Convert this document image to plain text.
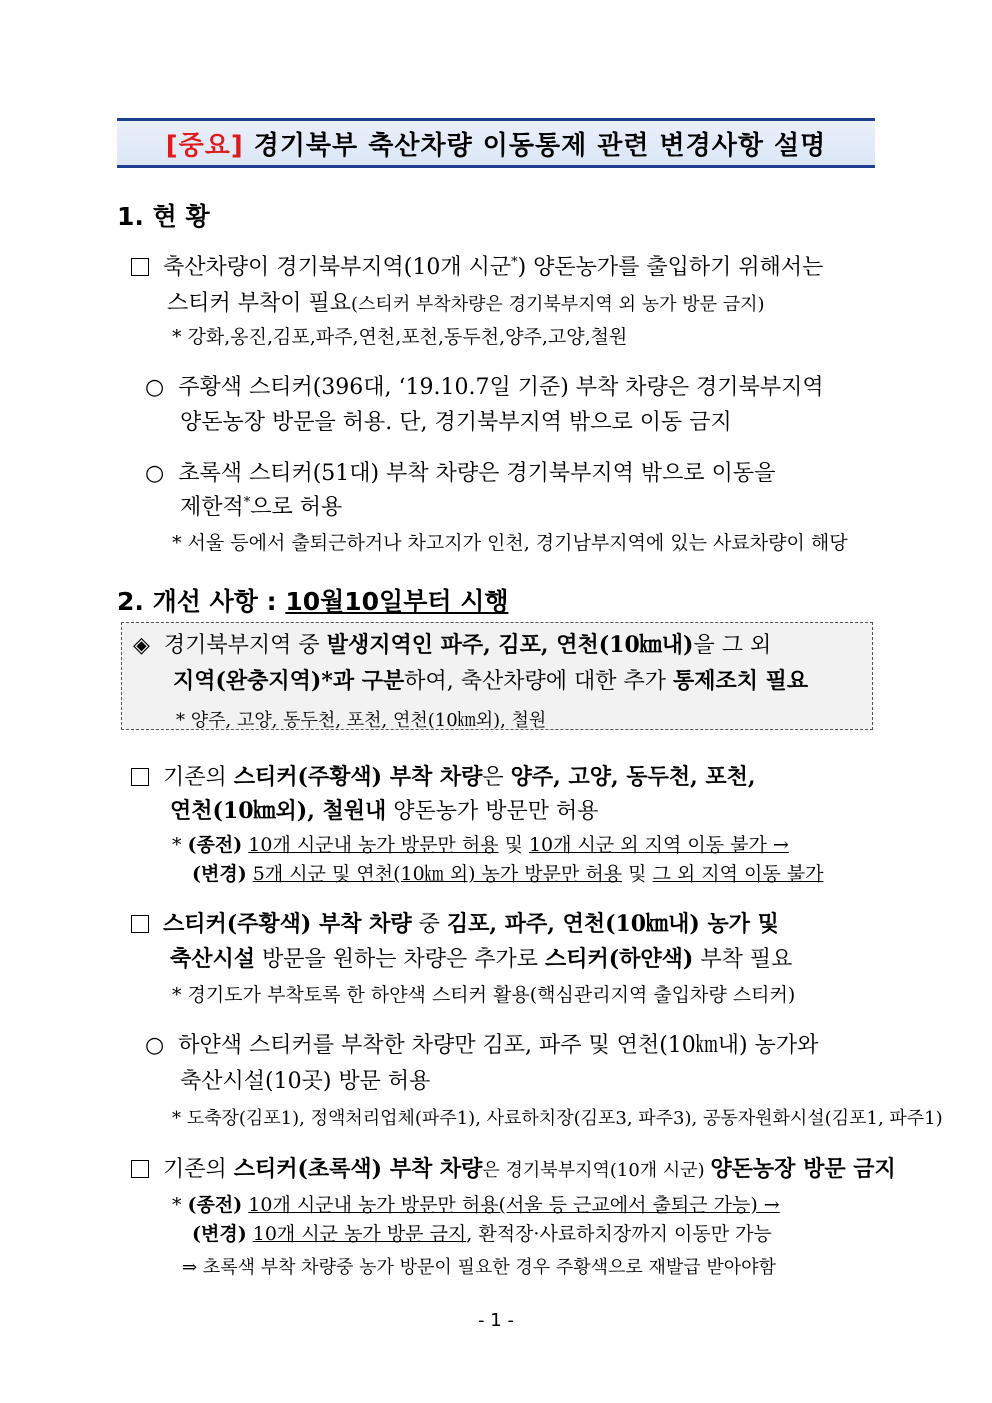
[중요] 경기북부 축산차량 이동통제 관련 변경사항 설명
1. 현 황
축산차량이 경기북부지역(10개 시군*) 양돈농가를 출입하기 위해서는
스티커 부착이 필요(스티커 부착차량은 경기북부지역 외 농가 방문 금지)
* 강화,옹진,김포,파주,연천,포천,동두천,양주,고양,철원
○ 주황색 스티커(396대, ‘19.10.7일 기준) 부착 차량은 경기북부지역
양돈농장 방문을 허용. 단, 경기북부지역 밖으로 이동 금지
○ 초록색 스티커(51대) 부착 차량은 경기북부지역 밖으로 이동을
제한적*으로 허용
* 서울 등에서 출퇴근하거나 차고지가 인천, 경기남부지역에 있는 사료차량이 해당
2. 개선 사항 : 10월10일부터 시행
◈ 경기북부지역 중 발생지역인 파주, 김포, 연천(10㎞내)을 그 외
지역(완충지역)*과 구분하여, 축산차량에 대한 추가 통제조치 필요
* 양주, 고양, 동두천, 포천, 연천(10㎞외), 철원
기존의 스티커(주황색) 부착 차량은 양주, 고양, 동두천, 포천,
연천(10㎞외), 철원내 양돈농가 방문만 허용
* (종전) 10개 시군내 농가 방문만 허용 및 10개 시군 외 지역 이동 불가 →
(변경) 5개 시군 및 연천(10㎞ 외) 농가 방문만 허용 및 그 외 지역 이동 불가
스티커(주황색) 부착 차량 중 김포, 파주, 연천(10㎞내) 농가 및
축산시설 방문을 원하는 차량은 추가로 스티커(하얀색) 부착 필요
* 경기도가 부착토록 한 하얀색 스티커 활용(핵심관리지역 출입차량 스티커)
○ 하얀색 스티커를 부착한 차량만 김포, 파주 및 연천(10㎞내) 농가와
축산시설(10곳) 방문 허용
* 도축장(김포1), 정액처리업체(파주1), 사료하치장(김포3, 파주3), 공동자원화시설(김포1, 파주1)
기존의 스티커(초록색) 부착 차량은 경기북부지역(10개 시군) 양돈농장 방문 금지
* (종전) 10개 시군내 농가 방문만 허용(서울 등 근교에서 출퇴근 가능) →
(변경) 10개 시군 농가 방문 금지, 환적장·사료하치장까지 이동만 가능
⇒ 초록색 부착 차량중 농가 방문이 필요한 경우 주황색으로 재발급 받아야함
- 1 -
